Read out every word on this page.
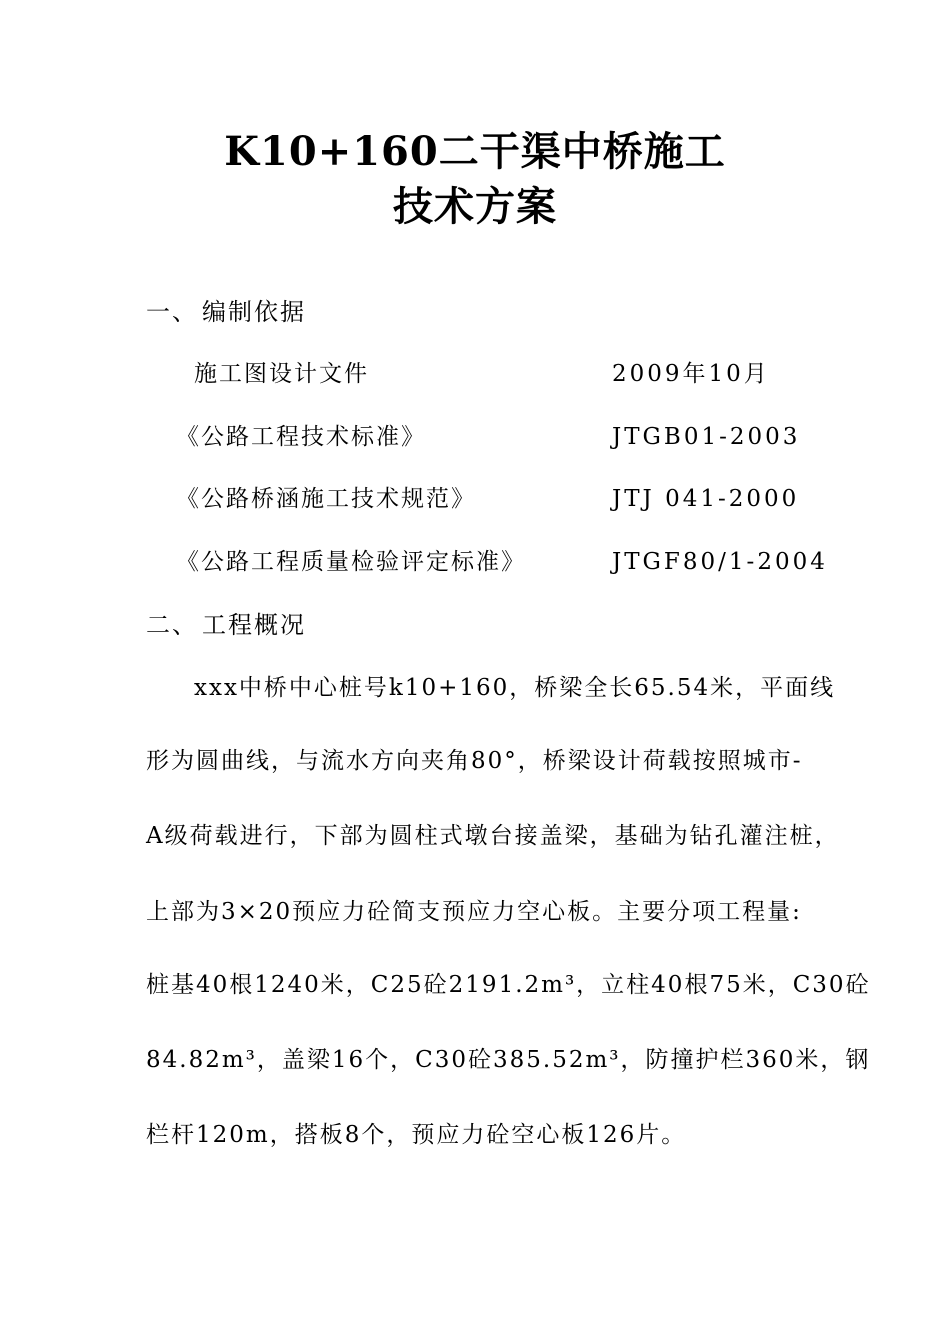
K10+160二干渠中桥施工
技术方案
一、 编制依据
施工图设计文件	2009年10月
《公路工程技术标准》	JTGB01-2003
《公路桥涵施工技术规范》	JTJ 041-2000
《公路工程质量检验评定标准》	JTGF80/1-2004
二、 工程概况
xxx中桥中心桩号k10+160，桥梁全长65.54米，平面线
形为圆曲线，与流水方向夹角80°，桥梁设计荷载按照城市-
A级荷载进行，下部为圆柱式墩台接盖梁，基础为钻孔灌注桩，
上部为3×20预应力砼简支预应力空心板。主要分项工程量:
桩基40根1240米，C25砼2191.2m³，立柱40根75米，C30砼
84.82m³，盖梁16个，C30砼385.52m³，防撞护栏360米，钢
栏杆120m，搭板8个，预应力砼空心板126片。
